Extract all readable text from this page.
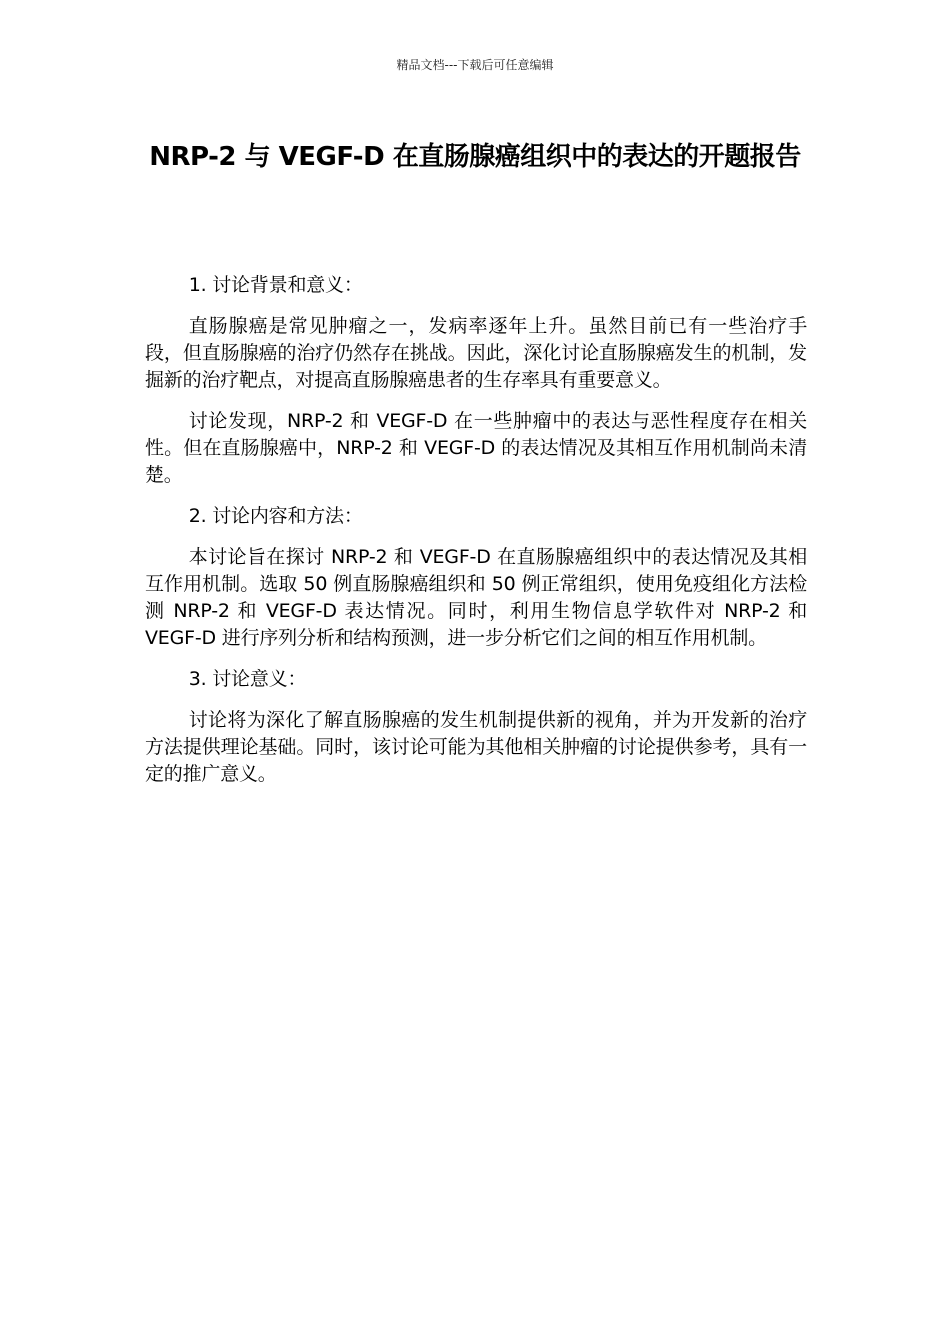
精品文档---下载后可任意编辑
NRP-2 与 VEGF-D 在直肠腺癌组织中的表达的开题报告

1. 讨论背景和意义：

直肠腺癌是常见肿瘤之一，发病率逐年上升。虽然目前已有一些治疗手段，但直肠腺癌的治疗仍然存在挑战。因此，深化讨论直肠腺癌发生的机制，发掘新的治疗靶点，对提高直肠腺癌患者的生存率具有重要意义。

讨论发现，NRP-2 和 VEGF-D 在一些肿瘤中的表达与恶性程度存在相关性。但在直肠腺癌中，NRP-2 和 VEGF-D 的表达情况及其相互作用机制尚未清楚。

2. 讨论内容和方法：

本讨论旨在探讨 NRP-2 和 VEGF-D 在直肠腺癌组织中的表达情况及其相互作用机制。选取 50 例直肠腺癌组织和 50 例正常组织，使用免疫组化方法检测 NRP-2 和 VEGF-D 表达情况。同时，利用生物信息学软件对 NRP-2 和 VEGF-D 进行序列分析和结构预测，进一步分析它们之间的相互作用机制。

3. 讨论意义：

讨论将为深化了解直肠腺癌的发生机制提供新的视角，并为开发新的治疗方法提供理论基础。同时，该讨论可能为其他相关肿瘤的讨论提供参考，具有一定的推广意义。
